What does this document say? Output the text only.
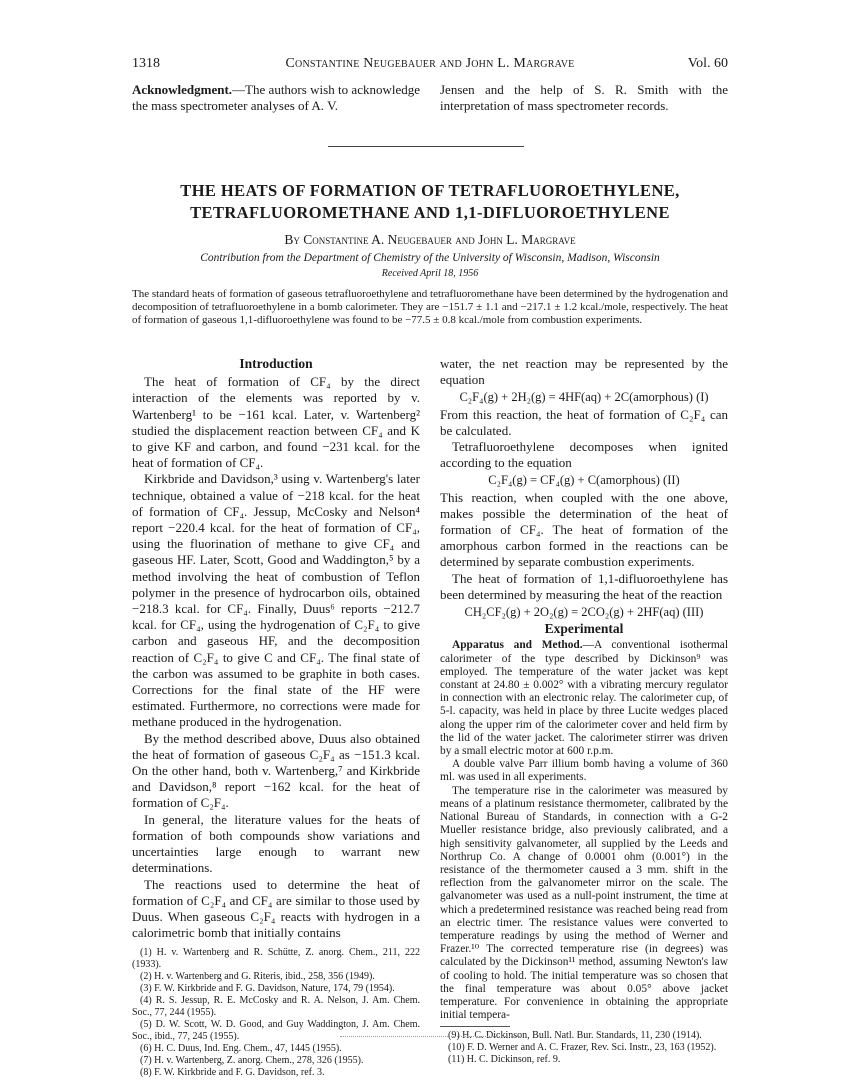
1318	Constantine Neugebauer and John L. Margrave	Vol. 60
Acknowledgment.—The authors wish to acknowledge the mass spectrometer analyses of A. V.
Jensen and the help of S. R. Smith with the interpretation of mass spectrometer records.
THE HEATS OF FORMATION OF TETRAFLUOROETHYLENE,
TETRAFLUOROMETHANE AND 1,1-DIFLUOROETHYLENE
By Constantine A. Neugebauer and John L. Margrave
Contribution from the Department of Chemistry of the University of Wisconsin, Madison, Wisconsin
Received April 18, 1956
The standard heats of formation of gaseous tetrafluoroethylene and tetrafluoromethane have been determined by the hydrogenation and decomposition of tetrafluoroethylene in a bomb calorimeter. They are −151.7 ± 1.1 and −217.1 ± 1.2 kcal./mole, respectively. The heat of formation of gaseous 1,1-difluoroethylene was found to be −77.5 ± 0.8 kcal./mole from combustion experiments.
Introduction

The heat of formation of CF₄ by the direct interaction of the elements was reported by v. Wartenberg¹ to be −161 kcal. Later, v. Wartenberg² studied the displacement reaction between CF₄ and K to give KF and carbon, and found −231 kcal. for the heat of formation of CF₄.

Kirkbride and Davidson,³ using v. Wartenberg's later technique, obtained a value of −218 kcal. for the heat of formation of CF₄. Jessup, McCosky and Nelson⁴ report −220.4 kcal. for the heat of formation of CF₄, using the fluorination of methane to give CF₄ and gaseous HF. Later, Scott, Good and Waddington,⁵ by a method involving the heat of combustion of Teflon polymer in the presence of hydrocarbon oils, obtained −218.3 kcal. for CF₄. Finally, Duus⁶ reports −212.7 kcal. for CF₄, using the hydrogenation of C₂F₄ to give carbon and gaseous HF, and the decomposition reaction of C₂F₄ to give C and CF₄. The final state of the carbon was assumed to be graphite in both cases. Corrections for the final state of the HF were estimated. Furthermore, no corrections were made for methane produced in the hydrogenation.

By the method described above, Duus also obtained the heat of formation of gaseous C₂F₄ as −151.3 kcal. On the other hand, both v. Wartenberg,⁷ and Kirkbride and Davidson,⁸ report −162 kcal. for the heat of formation of C₂F₄.

In general, the literature values for the heats of formation of both compounds show variations and uncertainties large enough to warrant new determinations.

The reactions used to determine the heat of formation of C₂F₄ and CF₄ are similar to those used by Duus. When gaseous C₂F₄ reacts with hydrogen in a calorimetric bomb that initially contains

(1) H. v. Wartenberg and R. Schütte, Z. anorg. Chem., 211, 222 (1933).
(2) H. v. Wartenberg and G. Riteris, ibid., 258, 356 (1949).
(3) F. W. Kirkbride and F. G. Davidson, Nature, 174, 79 (1954).
(4) R. S. Jessup, R. E. McCosky and R. A. Nelson, J. Am. Chem. Soc., 77, 244 (1955).
(5) D. W. Scott, W. D. Good, and Guy Waddington, J. Am. Chem. Soc., ibid., 77, 245 (1955).
(6) H. C. Duus, Ind. Eng. Chem., 47, 1445 (1955).
(7) H. v. Wartenberg, Z. anorg. Chem., 278, 326 (1955).
(8) F. W. Kirkbride and F. G. Davidson, ref. 3.

water, the net reaction may be represented by the equation

C₂F₄(g) + 2H₂(g) = 4HF(aq) + 2C(amorphous) (I)

From this reaction, the heat of formation of C₂F₄ can be calculated.

Tetrafluoroethylene decomposes when ignited according to the equation

C₂F₄(g) = CF₄(g) + C(amorphous) (II)

This reaction, when coupled with the one above, makes possible the determination of the heat of formation of CF₄. The heat of formation of the amorphous carbon formed in the reactions can be determined by separate combustion experiments.

The heat of formation of 1,1-difluoroethylene has been determined by measuring the heat of the reaction

CH₂CF₂(g) + 2O₂(g) = 2CO₂(g) + 2HF(aq) (III)
Experimental

Apparatus and Method.—A conventional isothermal calorimeter of the type described by Dickinson⁹ was employed. The temperature of the water jacket was kept constant at 24.80 ± 0.002° with a vibrating mercury regulator in connection with an electronic relay. The calorimeter cup, of 5-l. capacity, was held in place by three Lucite wedges placed along the upper rim of the calorimeter cover and held firm by the lid of the water jacket. The calorimeter stirrer was driven by a small electric motor at 600 r.p.m.

A double valve Parr illium bomb having a volume of 360 ml. was used in all experiments.

The temperature rise in the calorimeter was measured by means of a platinum resistance thermometer, calibrated by the National Bureau of Standards, in connection with a G-2 Mueller resistance bridge, also previously calibrated, and a high sensitivity galvanometer, all supplied by the Leeds and Northrup Co. A change of 0.0001 ohm (0.001°) in the resistance of the thermometer caused a 3 mm. shift in the reflection from the galvanometer mirror on the scale. The galvanometer was used as a null-point instrument, the time at which a predetermined resistance was reached being read from an electric timer. The resistance values were converted to temperature readings by using the method of Werner and Frazer.¹⁰ The corrected temperature rise (in degrees) was calculated by the Dickinson¹¹ method, assuming Newton's law of cooling to hold. The initial temperature was so chosen that the final temperature was about 0.05° above jacket temperature. For convenience in obtaining the appropriate initial tempera-

(9) H. C. Dickinson, Bull. Natl. Bur. Standards, 11, 230 (1914).
(10) F. D. Werner and A. C. Frazer, Rev. Sci. Instr., 23, 163 (1952).
(11) H. C. Dickinson, ref. 9.
